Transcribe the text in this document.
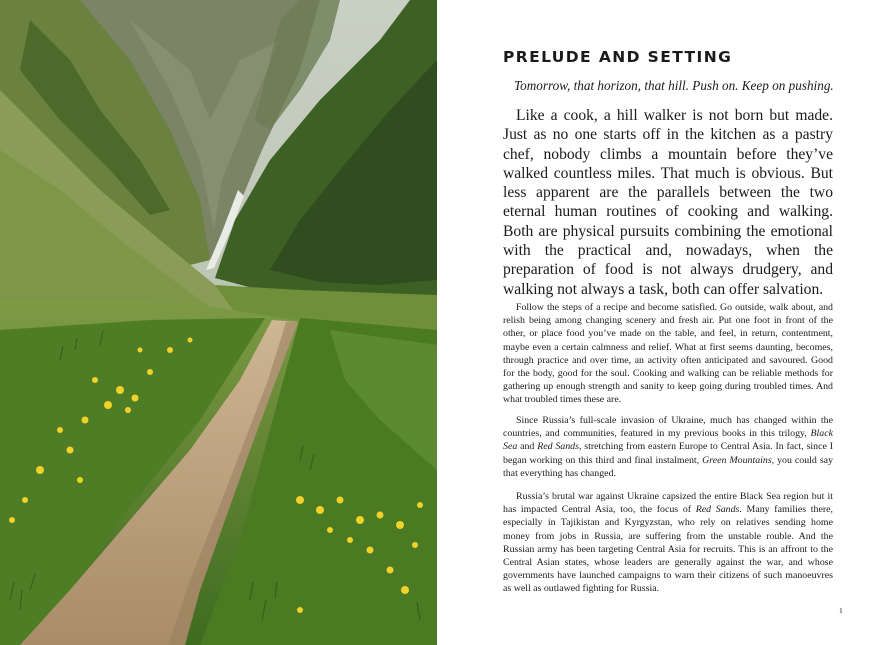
PRELUDE AND SETTING

Tomorrow, that horizon, that hill. Push on. Keep on pushing.

Like a cook, a hill walker is not born but made. Just as no one starts off in the kitchen as a pastry chef, nobody climbs a mountain before they’ve walked countless miles. That much is obvious. But less apparent are the parallels between the two eternal human routines of cooking and walking. Both are physical pursuits combining the emotional with the practical and, nowadays, when the preparation of food is not always drudgery, and walking not always a task, both can offer salvation.

Follow the steps of a recipe and become satisfied. Go outside, walk about, and relish being among changing scenery and fresh air. Put one foot in front of the other, or place food you’ve made on the table, and feel, in return, contentment, maybe even a certain calmness and relief. What at first seems daunting, becomes, through practice and over time, an activity often anticipated and savoured. Good for the body, good for the soul. Cooking and walking can be reliable methods for gathering up enough strength and sanity to keep going during troubled times. And what troubled times these are.

Since Russia’s full-scale invasion of Ukraine, much has changed within the countries, and communities, featured in my previous books in this trilogy, Black Sea and Red Sands, stretching from eastern Europe to Central Asia. In fact, since I began working on this third and final instalment, Green Mountains, you could say that everything has changed.

Russia’s brutal war against Ukraine capsized the entire Black Sea region but it has impacted Central Asia, too, the focus of Red Sands. Many families there, especially in Tajikistan and Kyrgyzstan, who rely on relatives sending home money from jobs in Russia, are suffering from the unstable rouble. And the Russian army has been targeting Central Asia for recruits. This is an affront to the Central Asian states, whose leaders are generally against the war, and whose governments have launched campaigns to warn their citizens of such manoeuvres as well as outlawed fighting for Russia.

1
